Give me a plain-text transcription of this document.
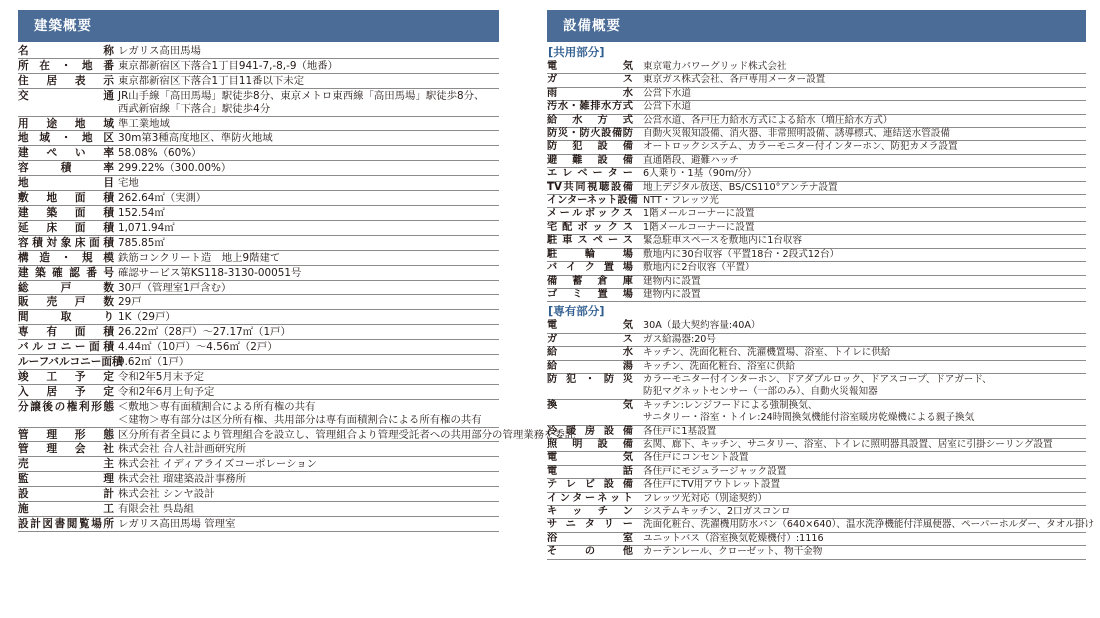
建築概要
名称 レガリス高田馬場
所在・地番 東京都新宿区下落合1丁目941-7,-8,-9（地番）
住居表示 東京都新宿区下落合1丁目11番以下未定
交通 JR山手線「高田馬場」駅徒歩8分、東京メトロ東西線「高田馬場」駅徒歩8分、
西武新宿線「下落合」駅徒歩4分
用途地域 準工業地域
地域・地区 30m第3種高度地区、準防火地域
建ぺい率 58.08%（60%）
容積率 299.22%（300.00%）
地目 宅地
敷地面積 262.64㎡（実測）
建築面積 152.54㎡
延床面積 1,071.94㎡
容積対象床面積 785.85㎡
構造・規模 鉄筋コンクリート造　地上9階建て
建築確認番号 確認サービス第KS118-3130-00051号
総戸数 30戸（管理室1戸含む）
販売戸数 29戸
間取り 1K（29戸）
専有面積 26.22㎡（28戸）～27.17㎡（1戸）
バルコニー面積 4.44㎡（10戸）～4.56㎡（2戸）
ルーフバルコニー面積
9.62㎡（1戸）
竣工予定 令和2年5月末予定
入居予定 令和2年6月上旬予定
分譲後の権利形態 ＜敷地＞専有面積割合による所有権の共有
＜建物＞専有部分は区分所有権、共用部分は専有面積割合による所有権の共有
管理形態 区分所有者全員により管理組合を設立し、管理組合より管理受託者への共用部分の管理業務を委託
管理会社 株式会社 合人社計画研究所
売主 株式会社 イディアライズコーポレーション
監理 株式会社 瑠建築設計事務所
設計 株式会社 シンヤ設計
施工 有限会社 呉島組
設計図書閲覧場所 レガリス高田馬場 管理室
設備概要
[共用部分]
電気 東京電力パワーグリッド株式会社
ガス 東京ガス株式会社、各戸専用メーター設置
雨水 公営下水道
汚水・雑排水方式 公営下水道
給水方式 公営水道、各戸圧力給水方式による給水（増圧給水方式）
防災・防火設備防 自動火災報知設備、消火器、非常照明設備、誘導標式、連結送水管設備
防犯設備 オートロックシステム、カラーモニター付インターホン、防犯カメラ設置
避難設備 直通階段、避難ハッチ
エレベーター 6人乗り・1基（90m/分）
TV共同視聴設備 地上デジタル放送、BS/CS110°アンテナ設置
インターネット設備 NTT・フレッツ光
メールボックス 1階メールコーナーに設置
宅配ボックス 1階メールコーナーに設置
駐車スペース 緊急駐車スペースを敷地内に1台収容
駐輪場 敷地内に30台収容（平置18台・2段式12台）
バイク置場 敷地内に2台収容（平置）
備蓄倉庫 建物内に設置
ゴミ置場 建物内に設置
[専有部分]
電気 30A（最大契約容量:40A）
ガス ガス給湯器:20号
給水 キッチン、洗面化粧台、洗濯機置場、浴室、トイレに供給
給湯 キッチン、洗面化粧台、浴室に供給
防犯・防災 カラーモニター付インターホン、ドアダブルロック、ドアスコープ、ドアガード、
防犯マグネットセンサー（一部のみ）、自動火災報知器
換気 キッチン:レンジフードによる強制換気、
サニタリー・浴室・トイレ:24時間換気機能付浴室暖房乾燥機による親子換気
冷暖房設備 各住戸に1基設置
照明設備 玄関、廊下、キッチン、サニタリー、浴室、トイレに照明器具設置、居室に引掛シーリング設置
電気 各住戸にコンセント設置
電話 各住戸にモジュラージャック設置
テレビ設備 各住戸にTV用アウトレット設置
インターネット フレッツ光対応（別途契約）
キッチン システムキッチン、2口ガスコンロ
サニタリー 洗面化粧台、洗濯機用防水パン（640×640）、温水洗浄機能付洋風便器、ペーパーホルダー、タオル掛け
浴室 ユニットバス（浴室換気乾燥機付）:1116
その他 カーテンレール、クローゼット、物干金物
